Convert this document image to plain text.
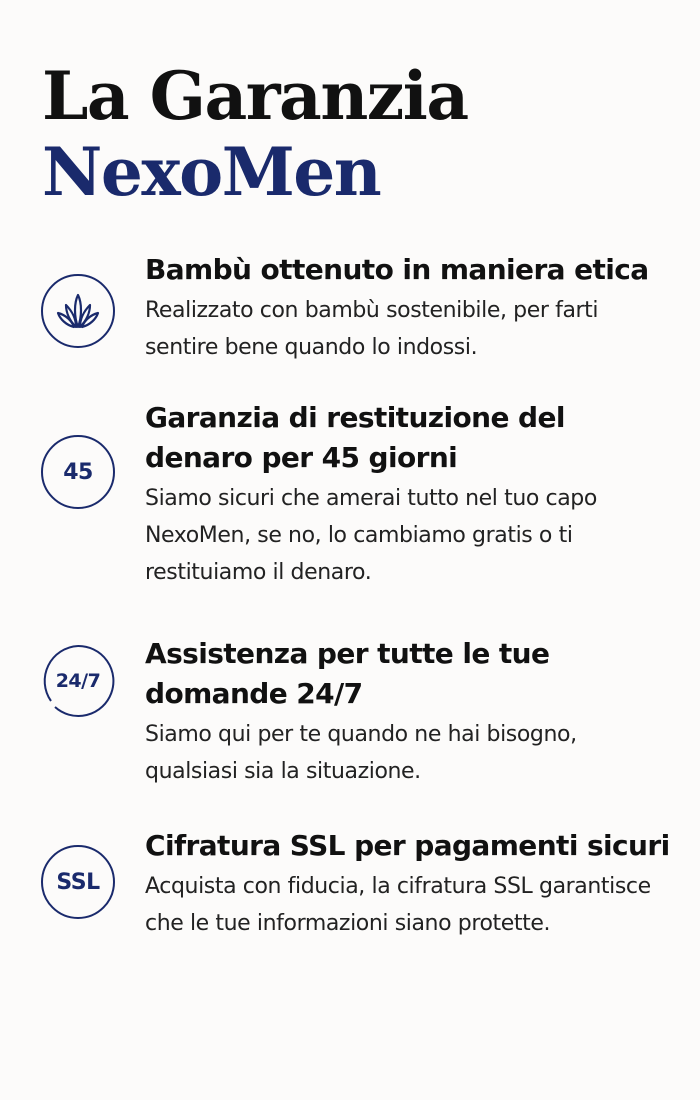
La Garanzia
NexoMen
Bambù ottenuto in maniera etica
Realizzato con bambù sostenibile, per farti sentire bene quando lo indossi.
45
Garanzia di restituzione del denaro per 45 giorni
Siamo sicuri che amerai tutto nel tuo capo NexoMen, se no, lo cambiamo gratis o ti restituiamo il denaro.
24/7
Assistenza per tutte le tue domande 24/7
Siamo qui per te quando ne hai bisogno, qualsiasi sia la situazione.
SSL
Cifratura SSL per pagamenti sicuri
Acquista con fiducia, la cifratura SSL garantisce che le tue informazioni siano protette.
